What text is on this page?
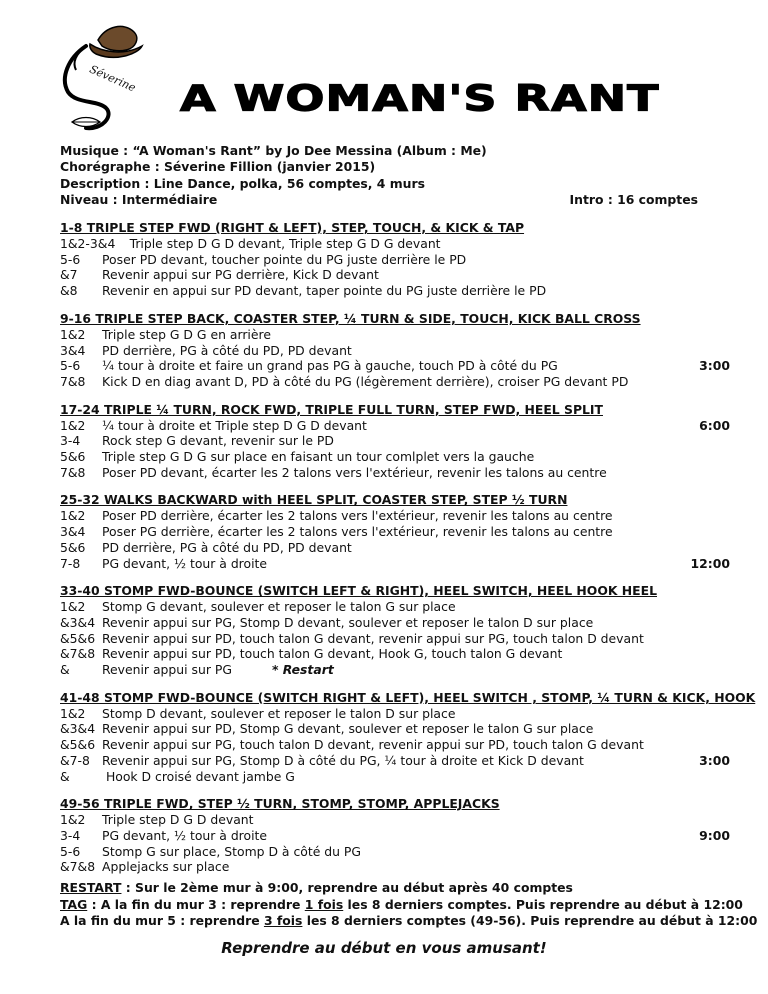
Séverine A WOMAN'S RANT
Musique : “A Woman's Rant” by Jo Dee Messina (Album : Me)
Chorégraphe : Séverine Fillion (janvier 2015)
Description : Line Dance, polka, 56 comptes, 4 murs
Niveau : Intermédiaire	Intro : 16 comptes
1-8 TRIPLE STEP FWD (RIGHT & LEFT), STEP, TOUCH, & KICK & TAP
1&2-3&4
Triple step D G D devant, Triple step G D G devant
5-6	Poser PD devant, toucher pointe du PG juste derrière le PD
&7	Revenir appui sur PG derrière, Kick D devant
&8	Revenir en appui sur PD devant, taper pointe du PG juste derrière le PD
9-16 TRIPLE STEP BACK, COASTER STEP, ¼ TURN & SIDE, TOUCH, KICK BALL CROSS
1&2	Triple step G D G en arrière
3&4	PD derrière, PG à côté du PD, PD devant
5-6	¼ tour à droite et faire un grand pas PG à gauche, touch PD à côté du PG	3:00
7&8	Kick D en diag avant D, PD à côté du PG (légèrement derrière), croiser PG devant PD
17-24 TRIPLE ¼ TURN, ROCK FWD, TRIPLE FULL TURN, STEP FWD, HEEL SPLIT
1&2	¼ tour à droite et Triple step D G D devant	6:00
3-4	Rock step G devant, revenir sur le PD
5&6	Triple step G D G sur place en faisant un tour comlplet vers la gauche
7&8	Poser PD devant, écarter les 2 talons vers l'extérieur, revenir les talons au centre
25-32 WALKS BACKWARD with HEEL SPLIT, COASTER STEP, STEP ½ TURN
1&2	Poser PD derrière, écarter les 2 talons vers l'extérieur, revenir les talons au centre
3&4	Poser PG derrière, écarter les 2 talons vers l'extérieur, revenir les talons au centre
5&6	PD derrière, PG à côté du PD, PD devant
7-8	PG devant, ½ tour à droite	12:00
33-40 STOMP FWD-BOUNCE (SWITCH LEFT & RIGHT), HEEL SWITCH, HEEL HOOK HEEL
1&2	Stomp G devant, soulever et reposer le talon G sur place
&3&4 Revenir appui sur PG, Stomp D devant, soulever et reposer le talon D sur place
&5&6 Revenir appui sur PD, touch talon G devant, revenir appui sur PG, touch talon D devant
&7&8 Revenir appui sur PD, touch talon G devant, Hook G, touch talon G devant
&	Revenir appui sur PG	* Restart
41-48 STOMP FWD-BOUNCE (SWITCH RIGHT & LEFT), HEEL SWITCH , STOMP, ¼ TURN & KICK, HOOK
1&2	Stomp D devant, soulever et reposer le talon D sur place
&3&4 Revenir appui sur PD, Stomp G devant, soulever et reposer le talon G sur place
&5&6 Revenir appui sur PG, touch talon D devant, revenir appui sur PD, touch talon G devant
&7-8 Revenir appui sur PG, Stomp D à côté du PG, ¼ tour à droite et Kick D devant	3:00
&	Hook D croisé devant jambe G
49-56 TRIPLE FWD, STEP ½ TURN, STOMP, STOMP, APPLEJACKS
1&2	Triple step D G D devant
3-4	PG devant, ½ tour à droite	9:00
5-6	Stomp G sur place, Stomp D à côté du PG
&7&8 Applejacks sur place
RESTART : Sur le 2ème mur à 9:00, reprendre au début après 40 comptes
TAG : A la fin du mur 3 : reprendre 1 fois les 8 derniers comptes. Puis reprendre au début à 12:00
A la fin du mur 5 : reprendre 3 fois les 8 derniers comptes (49-56). Puis reprendre au début à 12:00
Reprendre au début en vous amusant!
